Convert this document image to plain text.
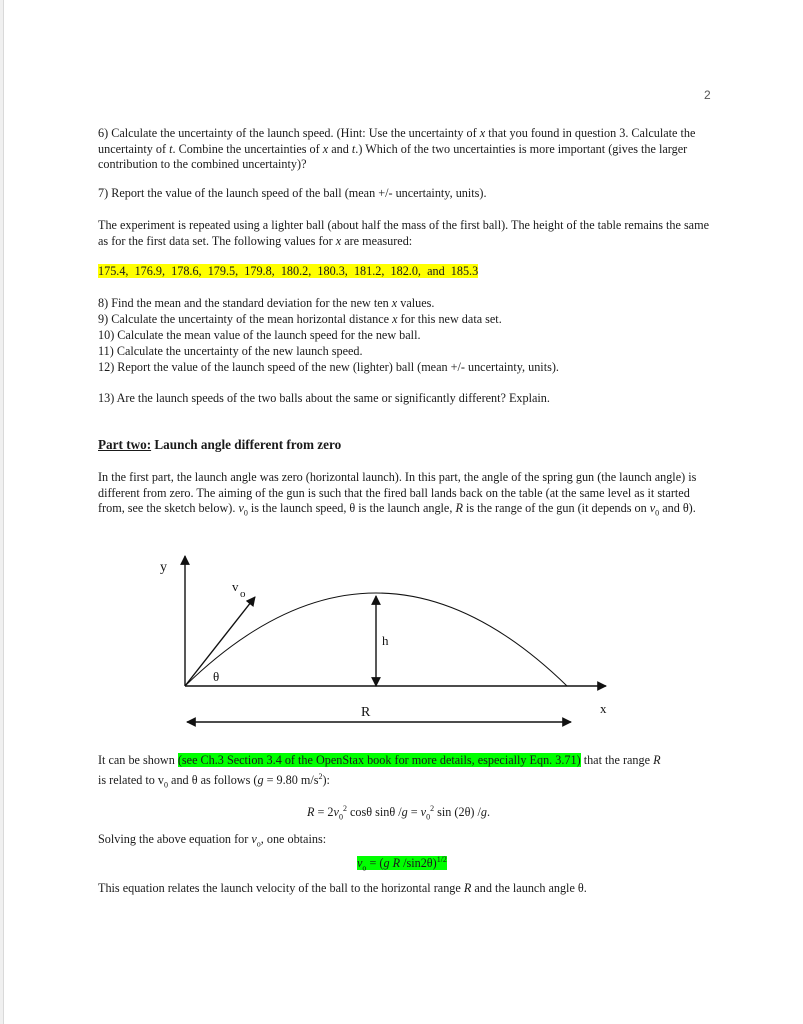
2

6) Calculate the uncertainty of the launch speed. (Hint: Use the uncertainty of x that you found in question 3. Calculate the uncertainty of t. Combine the uncertainties of x and t.) Which of the two uncertainties is more important (gives the larger contribution to the combined uncertainty)?

7) Report the value of the launch speed of the ball (mean +/- uncertainty, units).

The experiment is repeated using a lighter ball (about half the mass of the first ball). The height of the table remains the same as for the first data set. The following values for x are measured:

175.4,  176.9,  178.6,  179.5,  179.8,  180.2,  180.3,  181.2,  182.0,  and  185.3

8) Find the mean and the standard deviation for the new ten x values.

9) Calculate the uncertainty of the mean horizontal distance x for this new data set.

10) Calculate the mean value of the launch speed for the new ball.

11) Calculate the uncertainty of the new launch speed.

12) Report the value of the launch speed of the new (lighter) ball (mean +/- uncertainty, units).

13) Are the launch speeds of the two balls about the same or significantly different? Explain.

Part two: Launch angle different from zero

In the first part, the launch angle was zero (horizontal launch). In this part, the angle of the spring gun (the launch angle) is different from zero. The aiming of the gun is such that the fired ball lands back on the table (at the same level as it started from, see the sketch below). $v_0$ is the launch speed, θ is the launch angle, R is the range of the gun (it depends on $v_0$ and θ).

y
x
v o
θ
h
R

It can be shown (see Ch.3 Section 3.4 of the OpenStax book for more details, especially Eqn. 3.71) that the range R
is related to $v_0$ and θ as follows (g = 9.80 $m/s^2$):

$R = 2v_0^2$ cosθ sinθ $/g = v_0^2$ sin (2θ) /g.

Solving the above equation for $v_o$, one obtains:

$v_o = (g$ R /sin2θ)$^{1/2}$

This equation relates the launch velocity of the ball to the horizontal range R and the launch angle θ.
